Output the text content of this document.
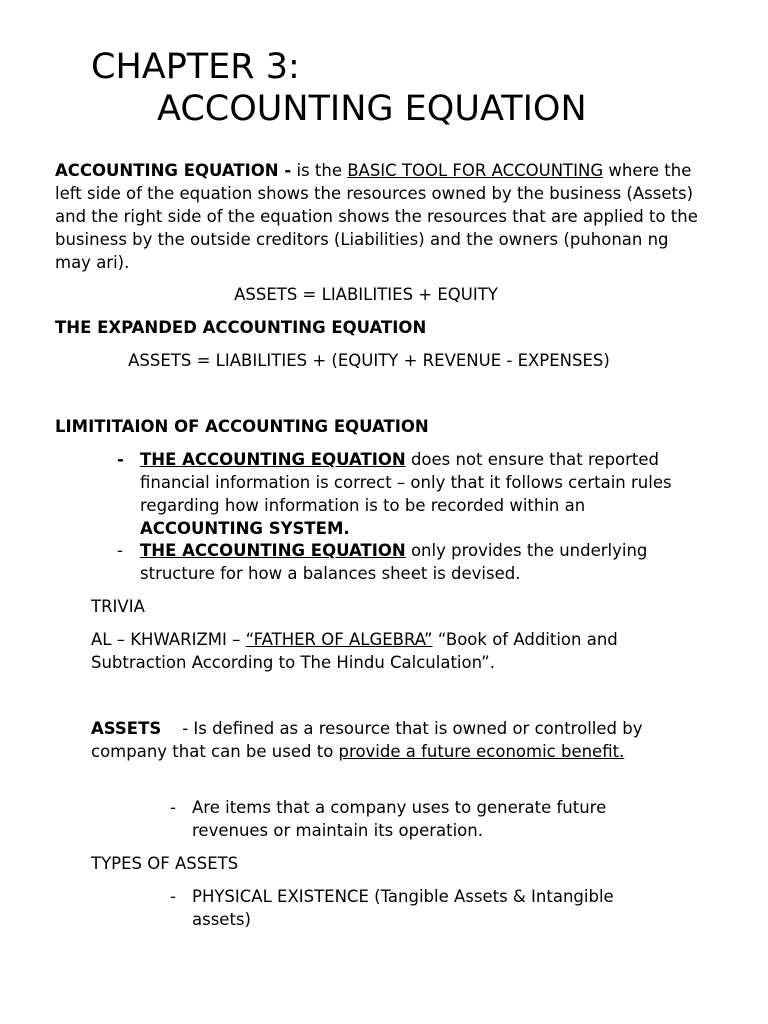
CHAPTER 3:
ACCOUNTING EQUATION

ACCOUNTING EQUATION - is the BASIC TOOL FOR ACCOUNTING where the left side of the equation shows the resources owned by the business (Assets) and the right side of the equation shows the resources that are applied to the business by the outside creditors (Liabilities) and the owners (puhonan ng may ari).

ASSETS = LIABILITIES + EQUITY

THE EXPANDED ACCOUNTING EQUATION

ASSETS = LIABILITIES + (EQUITY + REVENUE - EXPENSES)

LIMITITAION OF ACCOUNTING EQUATION

- THE ACCOUNTING EQUATION does not ensure that reported financial information is correct – only that it follows certain rules regarding how information is to be recorded within an ACCOUNTING SYSTEM.

- THE ACCOUNTING EQUATION only provides the underlying structure for how a balances sheet is devised.

TRIVIA

AL – KHWARIZMI – “FATHER OF ALGEBRA” “Book of Addition and Subtraction According to The Hindu Calculation”.

ASSETS    - Is defined as a resource that is owned or controlled by    company that can be used to provide a future economic benefit.

- Are items that a company uses to generate future revenues or maintain its operation.

TYPES OF ASSETS

- PHYSICAL EXISTENCE (Tangible Assets & Intangible assets)
